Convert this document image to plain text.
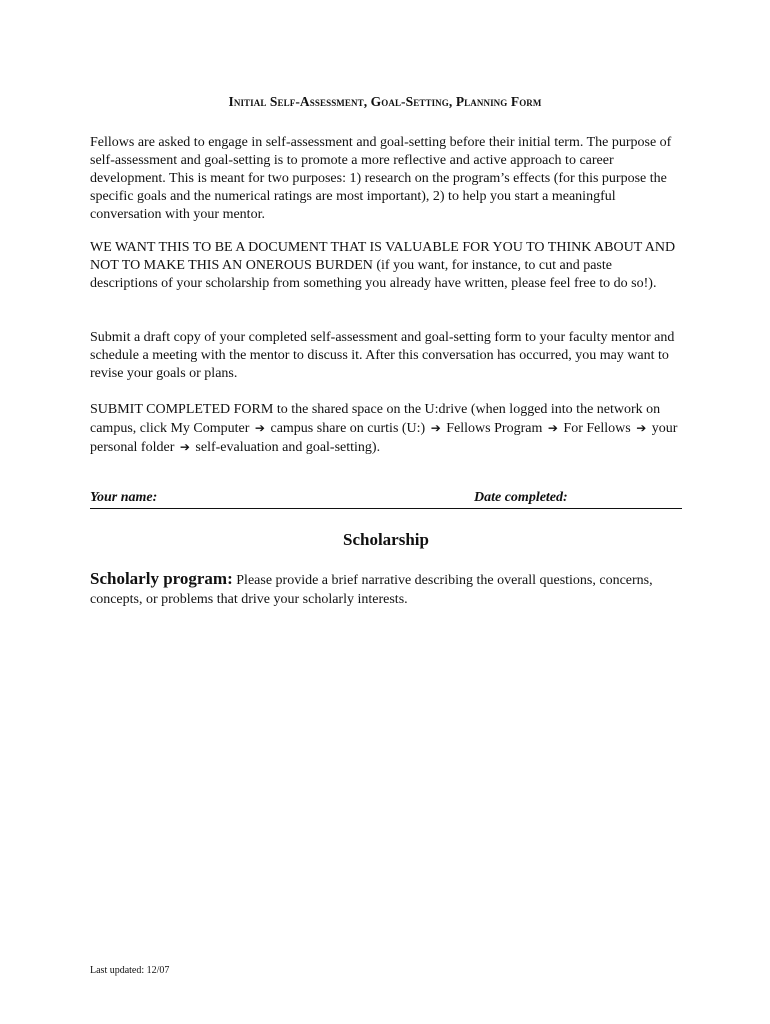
Initial Self-Assessment, Goal-Setting, Planning Form

Fellows are asked to engage in self-assessment and goal-setting before their initial term. The purpose of self-assessment and goal-setting is to promote a more reflective and active approach to career development. This is meant for two purposes: 1) research on the program’s effects (for this purpose the specific goals and the numerical ratings are most important), 2) to help you start a meaningful conversation with your mentor.

WE WANT THIS TO BE A DOCUMENT THAT IS VALUABLE FOR YOU TO THINK ABOUT AND NOT TO MAKE THIS AN ONEROUS BURDEN (if you want, for instance, to cut and paste descriptions of your scholarship from something you already have written, please feel free to do so!).

Submit a draft copy of your completed self-assessment and goal-setting form to your faculty mentor and schedule a meeting with the mentor to discuss it. After this conversation has occurred, you may want to revise your goals or plans.

SUBMIT COMPLETED FORM to the shared space on the U:drive (when logged into the network on campus, click My Computer ➔ campus share on curtis (U:) ➔ Fellows Program ➔ For Fellows ➔ your personal folder ➔ self-evaluation and goal-setting).

Your name:	Date completed:
Scholarship

Scholarly program: Please provide a brief narrative describing the overall questions, concerns, concepts, or problems that drive your scholarly interests.

Last updated: 12/07
